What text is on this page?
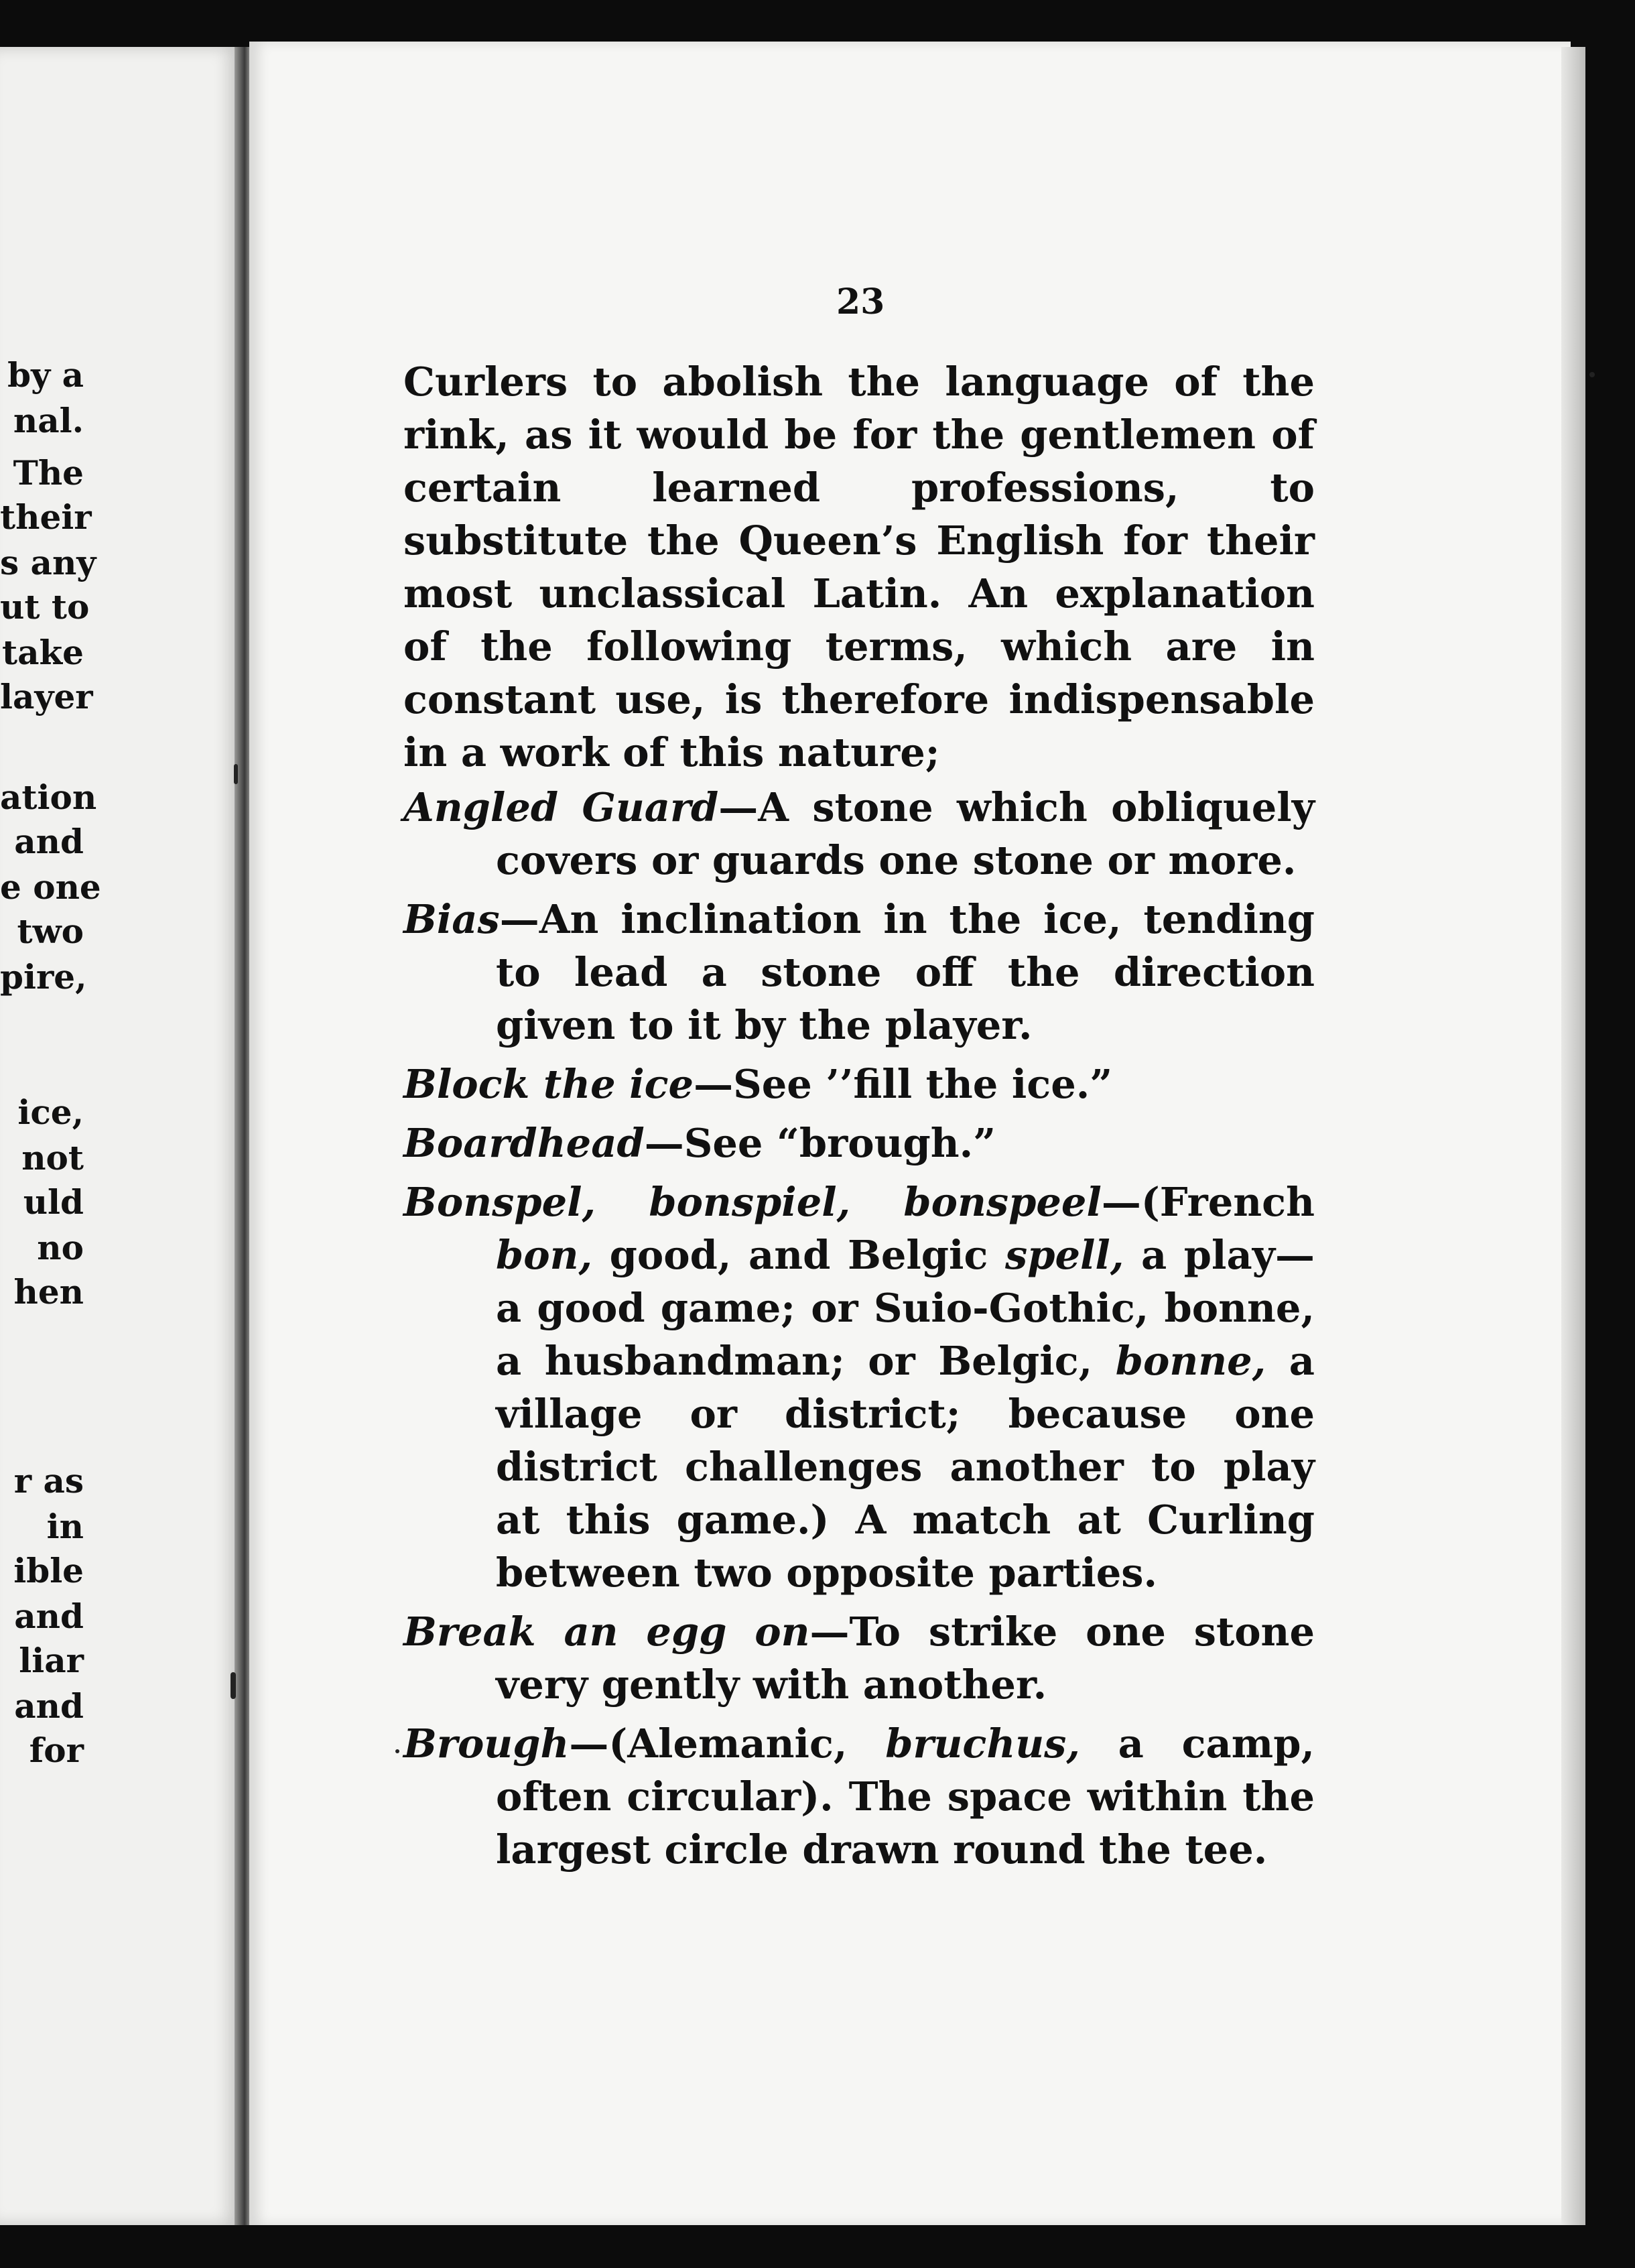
by a
nal.
The
their
s any
ut to
take
layer
ation
and
e one
two
pire,
ice,
not
uld
no
hen
r as
in
ible
and
liar
and
for
23

Curlers to abolish the language of the rink, as it would be for the gentlemen of certain learned professions, to substitute the Queen’s English for their most unclassical Latin. An explanation of the following terms, which are in constant use, is therefore indispensable in a work of this nature;

Angled Guard—A stone which obliquely covers or guards one stone or more.

Bias—An inclination in the ice, tending to lead a stone off the direction given to it by the player.

Block the ice—See ’’fill the ice.”

Boardhead—See “brough.”

Bonspel, bonspiel, bonspeel—(French bon, good, and Belgic spell, a play—a good game; or Suio-Gothic, bonne, a husbandman; or Belgic, bonne, a village or district; because one district challenges another to play at this game.) A match at Curling between two opposite parties.

Break an egg on—To strike one stone very gently with another.

Brough—(Alemanic, bruchus, a camp, often circular). The space within the largest circle drawn round the tee.
